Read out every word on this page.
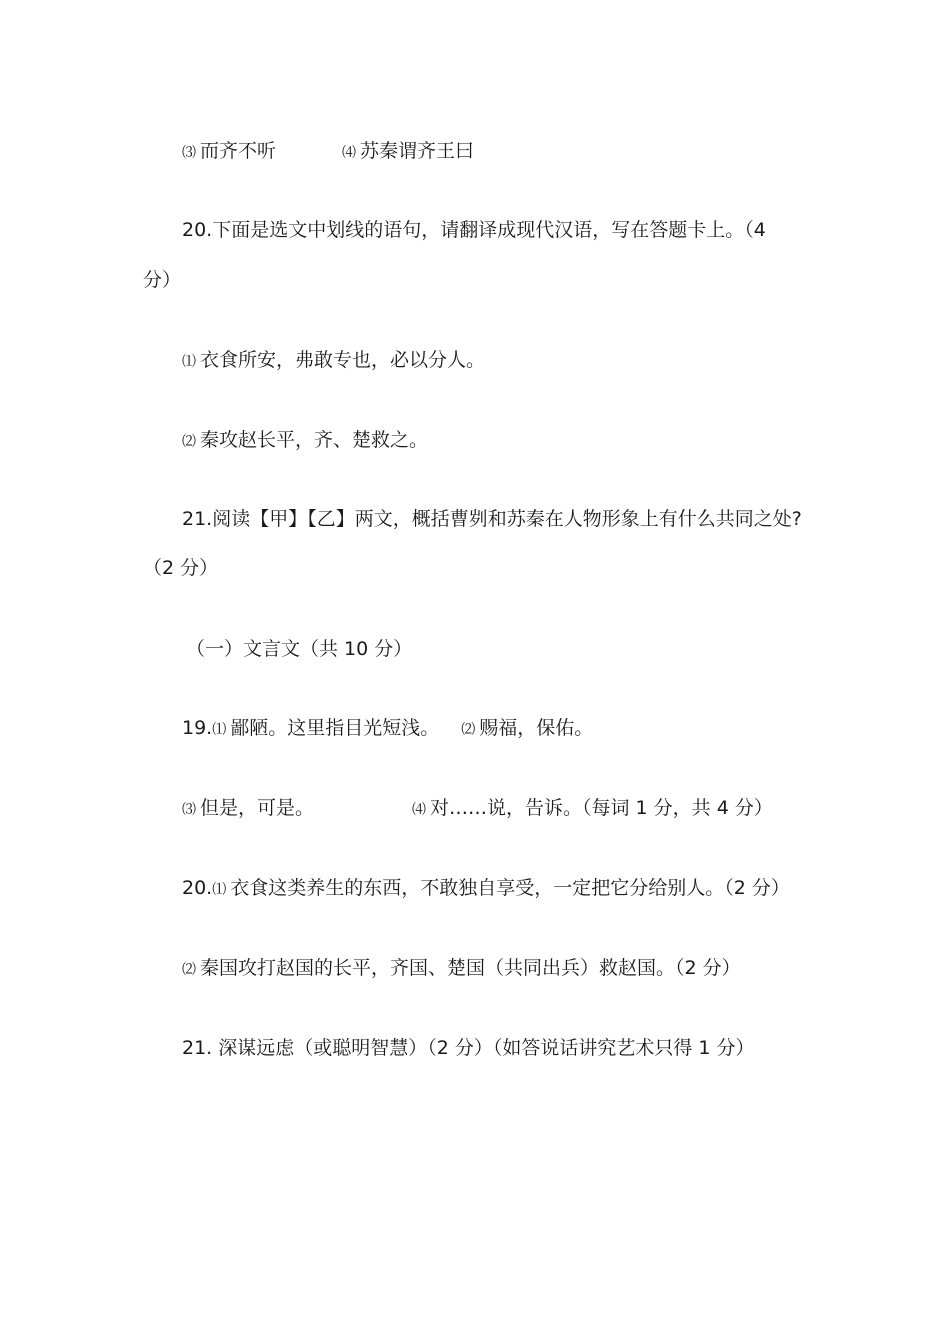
⑶ 而齐不听	⑷ 苏秦谓齐王曰
20.下面是选文中划线的语句，请翻译成现代汉语，写在答题卡上。（4
分）
⑴ 衣食所安，弗敢专也，必以分人。
⑵ 秦攻赵长平，齐、楚救之。
21.阅读【甲】【乙】两文，概括曹刿和苏秦在人物形象上有什么共同之处?
（2 分）
（一）文言文（共 10 分）
19.⑴ 鄙陋。这里指目光短浅。 ⑵ 赐福，保佑。
⑶ 但是，可是。	⑷ 对……说，告诉。（每词 1 分，共 4 分）
20.⑴ 衣食这类养生的东西，不敢独自享受，一定把它分给别人。（2 分）
⑵ 秦国攻打赵国的长平，齐国、楚国（共同出兵）救赵国。（2 分）
21. 深谋远虑（或聪明智慧）（2 分）（如答说话讲究艺术只得 1 分）
